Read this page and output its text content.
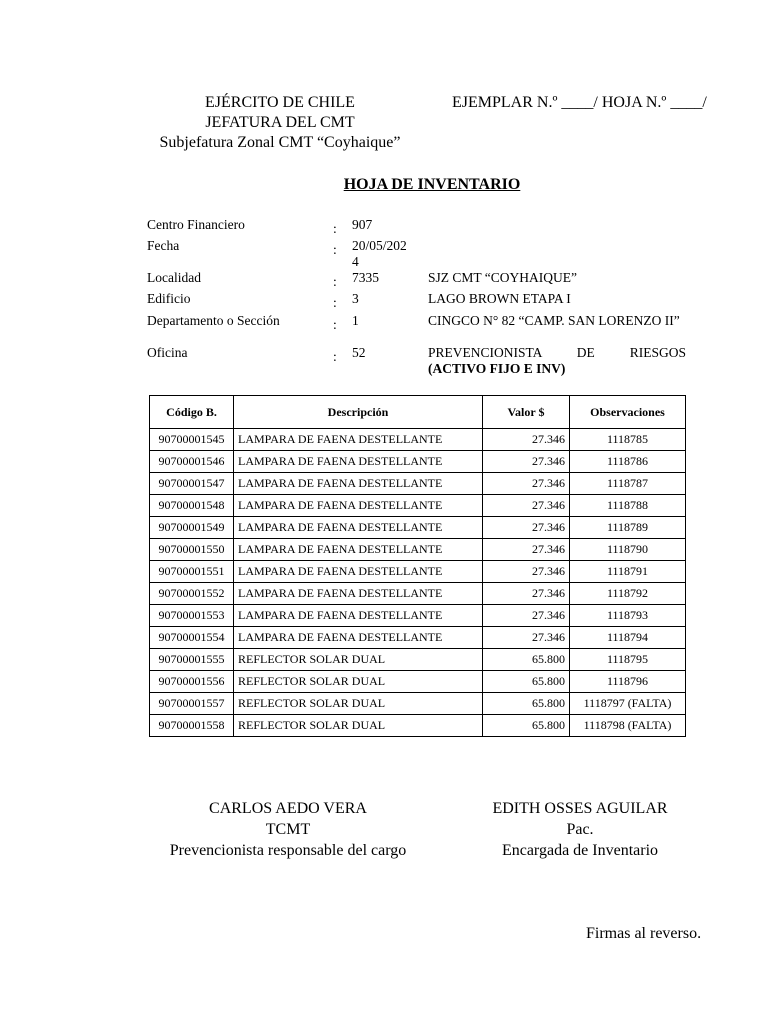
EJÉRCITO DE CHILE
JEFATURA DEL CMT
Subjefatura Zonal CMT “Coyhaique”
EJEMPLAR N.º ____/ HOJA N.º ____/
HOJA DE INVENTARIO
Centro Financiero	: 907
Fecha	: 20/05/2024
Localidad	: 7335	SJZ CMT “COYHAIQUE”
Edificio	: 3	LAGO BROWN ETAPA I
Departamento o Sección	: 1	CINGCO N° 82 “CAMP. SAN LORENZO II”
Oficina	: 52	PREVENCIONISTA DE RIESGOS
(ACTIVO FIJO E INV)
Código B.	Descripción	Valor $	Observaciones
90700001545	LAMPARA DE FAENA DESTELLANTE	27.346	1118785
90700001546	LAMPARA DE FAENA DESTELLANTE	27.346	1118786
90700001547	LAMPARA DE FAENA DESTELLANTE	27.346	1118787
90700001548	LAMPARA DE FAENA DESTELLANTE	27.346	1118788
90700001549	LAMPARA DE FAENA DESTELLANTE	27.346	1118789
90700001550	LAMPARA DE FAENA DESTELLANTE	27.346	1118790
90700001551	LAMPARA DE FAENA DESTELLANTE	27.346	1118791
90700001552	LAMPARA DE FAENA DESTELLANTE	27.346	1118792
90700001553	LAMPARA DE FAENA DESTELLANTE	27.346	1118793
90700001554	LAMPARA DE FAENA DESTELLANTE	27.346	1118794
90700001555	REFLECTOR SOLAR DUAL	65.800	1118795
90700001556	REFLECTOR SOLAR DUAL	65.800	1118796
90700001557	REFLECTOR SOLAR DUAL	65.800	1118797 (FALTA)
90700001558	REFLECTOR SOLAR DUAL	65.800	1118798 (FALTA)
CARLOS AEDO VERA
TCMT
Prevencionista responsable del cargo
EDITH OSSES AGUILAR
Pac.
Encargada de Inventario
Firmas al reverso.
